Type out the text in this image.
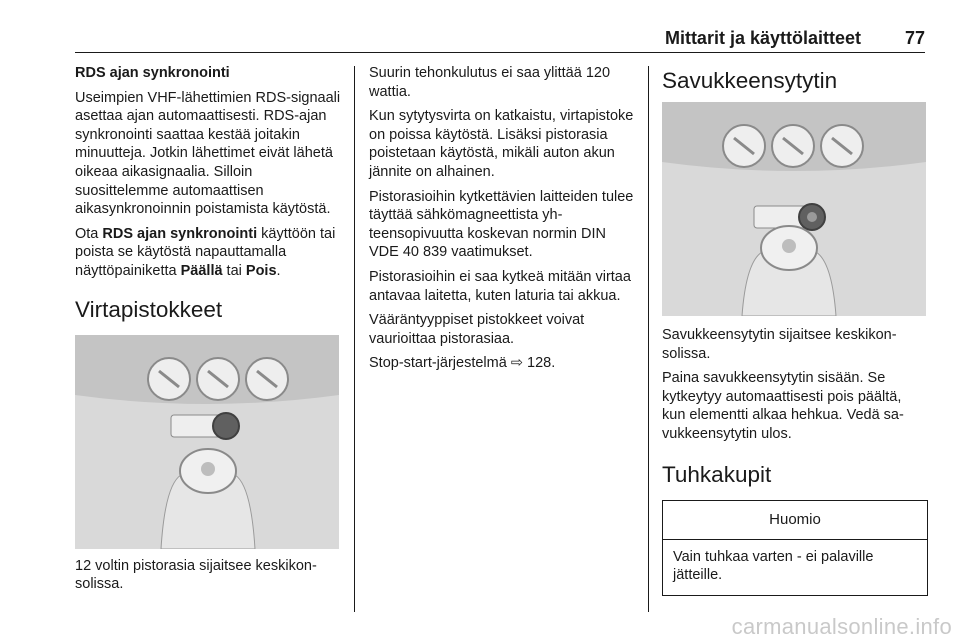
Mittarit ja käyttölaitteet 77

RDS ajan synkronointi

Useimpien VHF-lähettimien RDS-signaali asettaa ajan automaattisesti. RDS-ajan synkronointi saattaa kestää joitakin minuutteja. Jotkin lähettimet eivät lähetä oikeaa aikasignaalia. Silloin suosittelemme automaattisen aikasynkronoinnin poistamista käytöstä.

Ota RDS ajan synkronointi käyttöön tai poista se käytöstä napauttamalla näyttöpainiketta Päällä tai Pois.

Virtapistokkeet

12 voltin pistorasia sijaitsee keskikonsolissa.

Suurin tehonkulutus ei saa ylittää 120 wattia.

Kun sytytysvirta on katkaistu, virtapistoke on poissa käytöstä. Lisäksi pistorasia poistetaan käytöstä, mikäli auton akun jännite on alhainen.

Pistorasioihin kytkettävien laitteiden tulee täyttää sähkömagneettista yhteensopivuutta koskevan normin DIN VDE 40 839 vaatimukset.

Pistorasioihin ei saa kytkeä mitään virtaa antavaa laitetta, kuten laturia tai akkua.

Vääräntyyppiset pistokkeet voivat vaurioittaa pistorasiaa.

Stop-start-järjestelmä ⇨ 128.

Savukkeensytytin

Savukkeensytytin sijaitsee keskikonsolissa.

Paina savukkeensytytin sisään. Se kytkeytyy automaattisesti pois päältä, kun elementti alkaa hehkua. Vedä savukkeensytytin ulos.

Tuhkakupit
Huomio
Vain tuhkaa varten - ei palaville jätteille.
carmanualsonline.info
